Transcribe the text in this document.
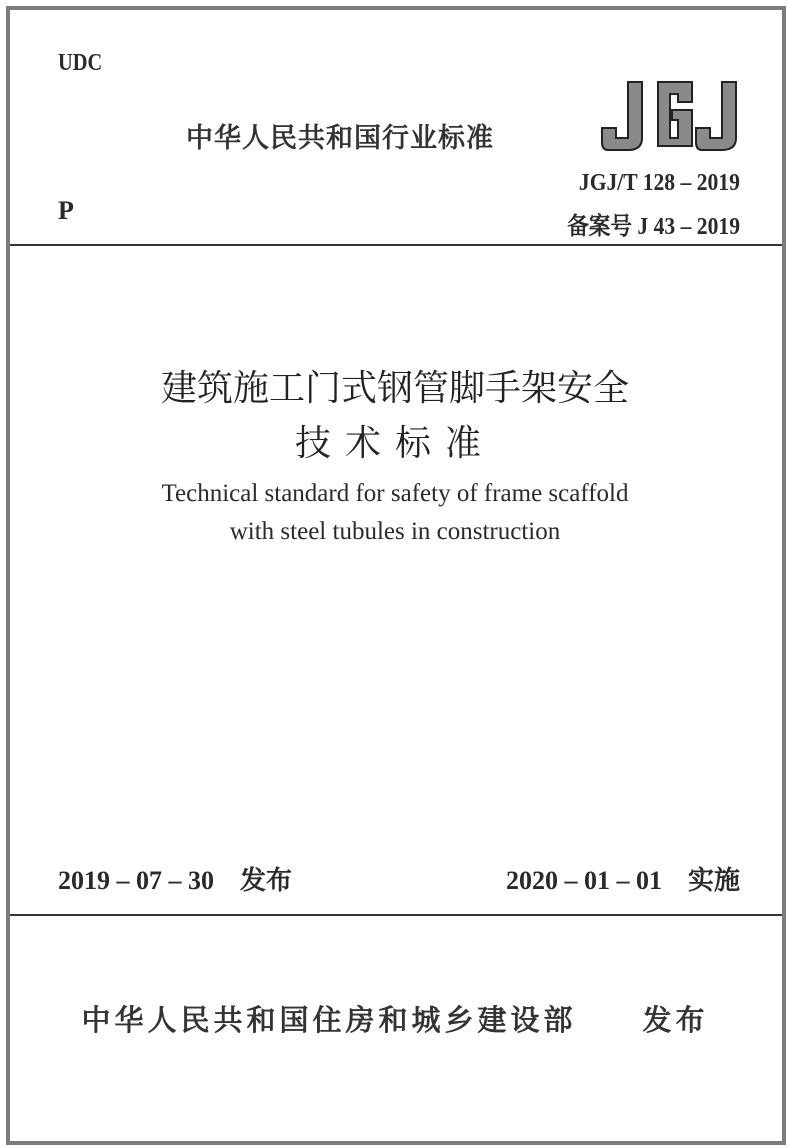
UDC
P
中华人民共和国行业标准
JGJ/T 128 – 2019
备案号 J 43 – 2019
建筑施工门式钢管脚手架安全
技术标准
Technical standard for safety of frame scaffold
with steel tubules in construction
2019 – 07 – 30　发布	2020 – 01 – 01　实施
中华人民共和国住房和城乡建设部　　发布
